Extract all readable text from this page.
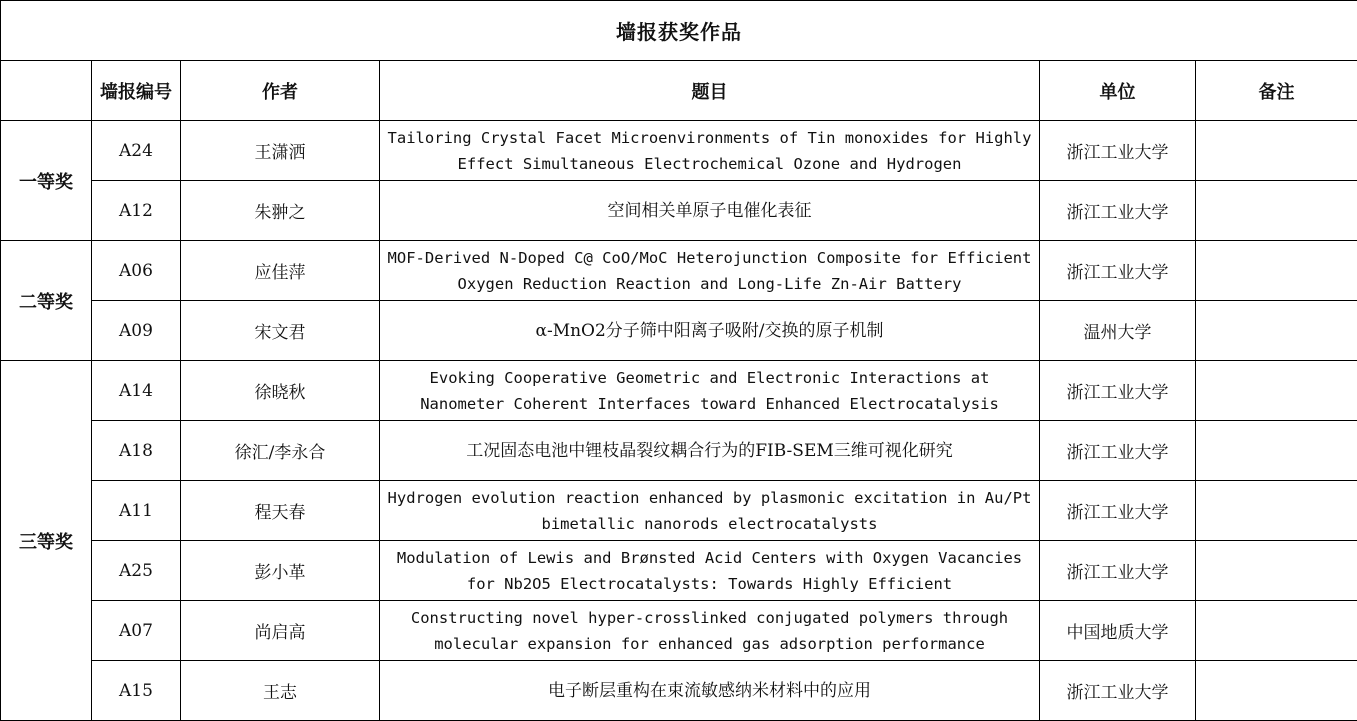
墙报获奖作品					
	墙报编号	作者	题目	单位	备注
一等奖	A24	王潇洒	Tailoring Crystal Facet Microenvironments of Tin monoxides for Highly Effect Simultaneous Electrochemical Ozone and Hydrogen	浙江工业大学	
	A12	朱翀之	空间相关单原子电催化表征	浙江工业大学	
二等奖	A06	应佳萍	MOF-Derived N-Doped C@ CoO/MoC Heterojunction Composite for Efficient Oxygen Reduction Reaction and Long-Life Zn-Air Battery	浙江工业大学	
	A09	宋文君	α-MnO2分子筛中阳离子吸附/交换的原子机制	温州大学	
三等奖	A14	徐晓秋	Evoking Cooperative Geometric and Electronic Interactions at Nanometer Coherent Interfaces toward Enhanced Electrocatalysis	浙江工业大学	
	A18	徐汇/李永合	工况固态电池中锂枝晶裂纹耦合行为的FIB-SEM三维可视化研究	浙江工业大学	
	A11	程天春	Hydrogen evolution reaction enhanced by plasmonic excitation in Au/Pt bimetallic nanorods electrocatalysts	浙江工业大学	
	A25	彭小革	Modulation of Lewis and Brønsted Acid Centers with Oxygen Vacancies for Nb2O5 Electrocatalysts: Towards Highly Efficient	浙江工业大学	
	A07	尚启高	Constructing novel hyper-crosslinked conjugated polymers through molecular expansion for enhanced gas adsorption performance	中国地质大学	
	A15	王志	电子断层重构在束流敏感纳米材料中的应用	浙江工业大学	
